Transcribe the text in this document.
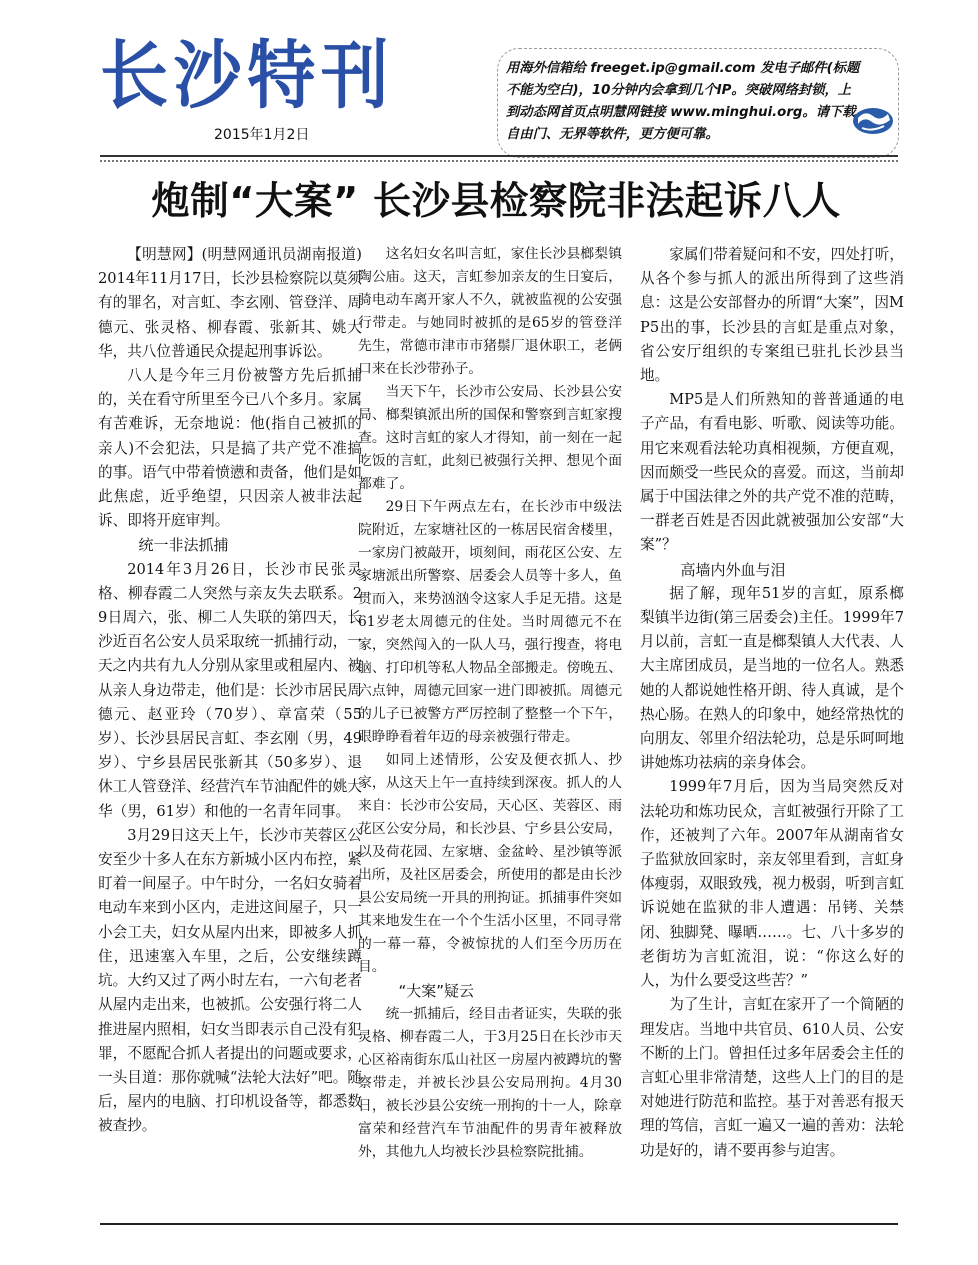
长沙特刊
2015年1月2日
用海外信箱给 freeget.ip@gmail.com 发电子邮件(标题不能为空白)，10分钟内会拿到几个IP。突破网络封锁，上到动态网首页点明慧网链接 www.minghui.org。请下载自由门、无界等软件，更方便可靠。
炮制“大案” 长沙县检察院非法起诉八人

【明慧网】(明慧网通讯员湖南报道)2014年11月17日，长沙县检察院以莫须有的罪名，对言虹、李玄刚、管登洋、周德元、张灵格、柳春霞、张新其、姚大华，共八位普通民众提起刑事诉讼。

八人是今年三月份被警方先后抓捕的，关在看守所里至今已八个多月。家属有苦难诉，无奈地说：他(指自己被抓的亲人)不会犯法，只是搞了共产党不准搞的事。语气中带着愤懑和责备，他们是如此焦虑，近乎绝望，只因亲人被非法起诉、即将开庭审判。

统一非法抓捕

2014年3月26日，长沙市民张灵格、柳春霞二人突然与亲友失去联系。29日周六，张、柳二人失联的第四天，长沙近百名公安人员采取统一抓捕行动，一天之内共有九人分别从家里或租屋内、被从亲人身边带走，他们是：长沙市居民周德元、赵亚玲（70岁）、章富荣（55岁）、长沙县居民言虹、李玄刚（男，49岁）、宁乡县居民张新其（50多岁）、退休工人管登洋、经营汽车节油配件的姚大华（男，61岁）和他的一名青年同事。

3月29日这天上午，长沙市芙蓉区公安至少十多人在东方新城小区内布控，紧盯着一间屋子。中午时分，一名妇女骑着电动车来到小区内，走进这间屋子，只一小会工夫，妇女从屋内出来，即被多人抓住，迅速塞入车里，之后，公安继续蹲坑。大约又过了两小时左右，一六旬老者从屋内走出来，也被抓。公安强行将二人推进屋内照相，妇女当即表示自己没有犯罪，不愿配合抓人者提出的问题或要求，一头目道：那你就喊“法轮大法好”吧。随后，屋内的电脑、打印机设备等，都悉数被查抄。

这名妇女名叫言虹，家住长沙县榔梨镇陶公庙。这天，言虹参加亲友的生日宴后，骑电动车离开家人不久，就被监视的公安强行带走。与她同时被抓的是65岁的管登洋先生，常德市津市市猪鬃厂退休职工，老俩口来在长沙带孙子。

当天下午，长沙市公安局、长沙县公安局、榔梨镇派出所的国保和警察到言虹家搜查。这时言虹的家人才得知，前一刻在一起吃饭的言虹，此刻已被强行关押、想见个面都难了。

29日下午两点左右，在长沙市中级法院附近，左家塘社区的一栋居民宿舍楼里，一家房门被敲开，顷刻间，雨花区公安、左家塘派出所警察、居委会人员等十多人，鱼贯而入，来势汹汹令这家人手足无措。这是61岁老太周德元的住处。当时周德元不在家，突然闯入的一队人马，强行搜查，将电脑、打印机等私人物品全部搬走。傍晚五、六点钟，周德元回家一进门即被抓。周德元的儿子已被警方严厉控制了整整一个下午，眼睁睁看着年迈的母亲被强行带走。

如同上述情形，公安及便衣抓人、抄家，从这天上午一直持续到深夜。抓人的人来自：长沙市公安局，天心区、芙蓉区、雨花区公安分局，和长沙县、宁乡县公安局，以及荷花园、左家塘、金盆岭、星沙镇等派出所，及社区居委会，所使用的都是由长沙县公安局统一开具的刑拘证。抓捕事件突如其来地发生在一个个生活小区里，不同寻常的一幕一幕，令被惊扰的人们至今历历在目。

“大案”疑云

统一抓捕后，经目击者证实，失联的张灵格、柳春霞二人，于3月25日在长沙市天心区裕南街东瓜山社区一房屋内被蹲坑的警察带走，并被长沙县公安局刑拘。4月30日，被长沙县公安统一刑拘的十一人，除章富荣和经营汽车节油配件的男青年被释放外，其他九人均被长沙县检察院批捕。

家属们带着疑问和不安，四处打听，从各个参与抓人的派出所得到了这些消息：这是公安部督办的所谓“大案”，因MP5出的事，长沙县的言虹是重点对象，省公安厅组织的专案组已驻扎长沙县当地。

MP5是人们所熟知的普普通通的电子产品，有看电影、听歌、阅读等功能。用它来观看法轮功真相视频，方便直观，因而颇受一些民众的喜爱。而这，当前却属于中国法律之外的共产党不准的范畴，一群老百姓是否因此就被强加公安部“大案”？

高墙内外血与泪

据了解，现年51岁的言虹，原系榔梨镇半边街(第三居委会)主任。1999年7月以前，言虹一直是榔梨镇人大代表、人大主席团成员，是当地的一位名人。熟悉她的人都说她性格开朗、待人真诚，是个热心肠。在熟人的印象中，她经常热忱的向朋友、邻里介绍法轮功，总是乐呵呵地讲她炼功祛病的亲身体会。

1999年7月后，因为当局突然反对法轮功和炼功民众，言虹被强行开除了工作，还被判了六年。2007年从湖南省女子监狱放回家时，亲友邻里看到，言虹身体瘦弱，双眼致残，视力极弱，听到言虹诉说她在监狱的非人遭遇：吊铐、关禁闭、独脚凳、曝晒……。七、八十多岁的老街坊为言虹流泪，说：“你这么好的人，为什么要受这些苦？”

为了生计，言虹在家开了一个简陋的理发店。当地中共官员、610人员、公安不断的上门。曾担任过多年居委会主任的言虹心里非常清楚，这些人上门的目的是对她进行防范和监控。基于对善恶有报天理的笃信，言虹一遍又一遍的善劝：法轮功是好的，请不要再参与迫害。
